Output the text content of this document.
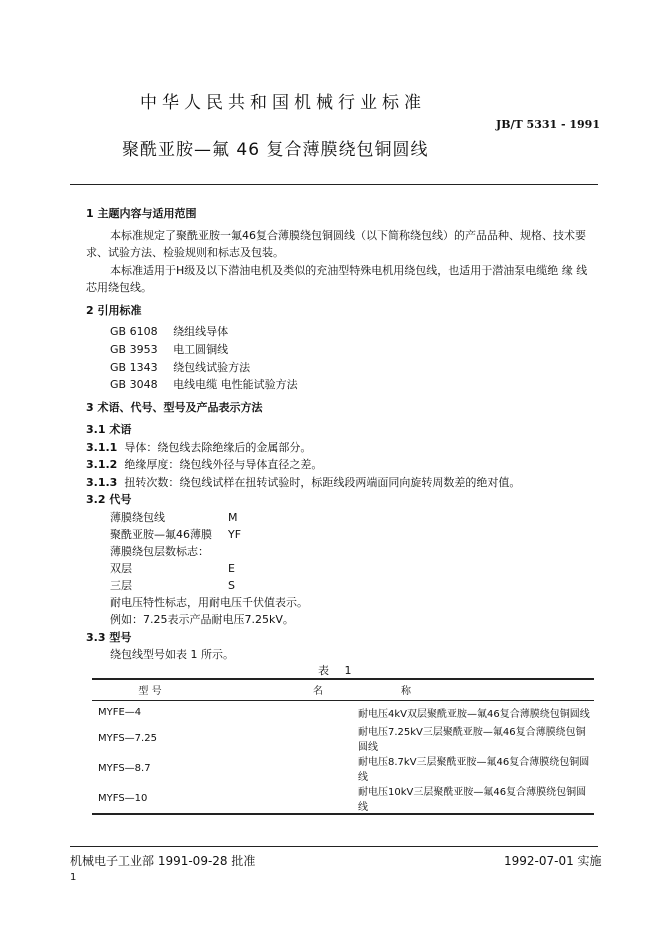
中华人民共和国机械行业标准
JB/T 5331 - 1991
聚酰亚胺—氟 46 复合薄膜绕包铜圆线
1 主题内容与适用范围
本标准规定了聚酰亚胺一氟46复合薄膜绕包铜圆线（以下简称绕包线）的产品品种、规格、技术要
求、试验方法、检验规则和标志及包装。
本标准适用于H级及以下潜油电机及类似的充油型特殊电机用绕包线，也适用于潜油泵电缆绝 缘 线
芯用绕包线。
2 引用标准
GB 6108 绕组线导体
GB 3953 电工圆铜线
GB 1343 绕包线试验方法
GB 3048 电线电缆 电性能试验方法
3 术语、代号、型号及产品表示方法
3.1 术语
3.1.1 导体：绕包线去除绝缘后的金属部分。
3.1.2 绝缘厚度：绕包线外径与导体直径之差。
3.1.3 扭转次数：绕包线试样在扭转试验时，标距线段两端面同向旋转周数差的绝对值。
3.2 代号
薄膜绕包线	M
聚酰亚胺—氟46薄膜 YF
薄膜绕包层数标志：
双层	E
三层	S
耐电压特性标志，用耐电压千伏值表示。
例如：7.25表示产品耐电压7.25kV。
3.3 型号
绕包线型号如表 1 所示。
表 1
型 号	名称
MYFE—4	耐电压4kV双层聚酰亚胺—氟46复合薄膜绕包铜圆线
MYFS—7.25	耐电压7.25kV三层聚酰亚胺—氟46复合薄膜绕包铜圆线
MYFS—8.7	耐电压8.7kV三层聚酰亚胺—氟46复合薄膜绕包铜圆线
MYFS—10	耐电压10kV三层聚酰亚胺—氟46复合薄膜绕包铜圆线
机械电子工业部 1991-09-28 批准	1992-07-01 实施
1
